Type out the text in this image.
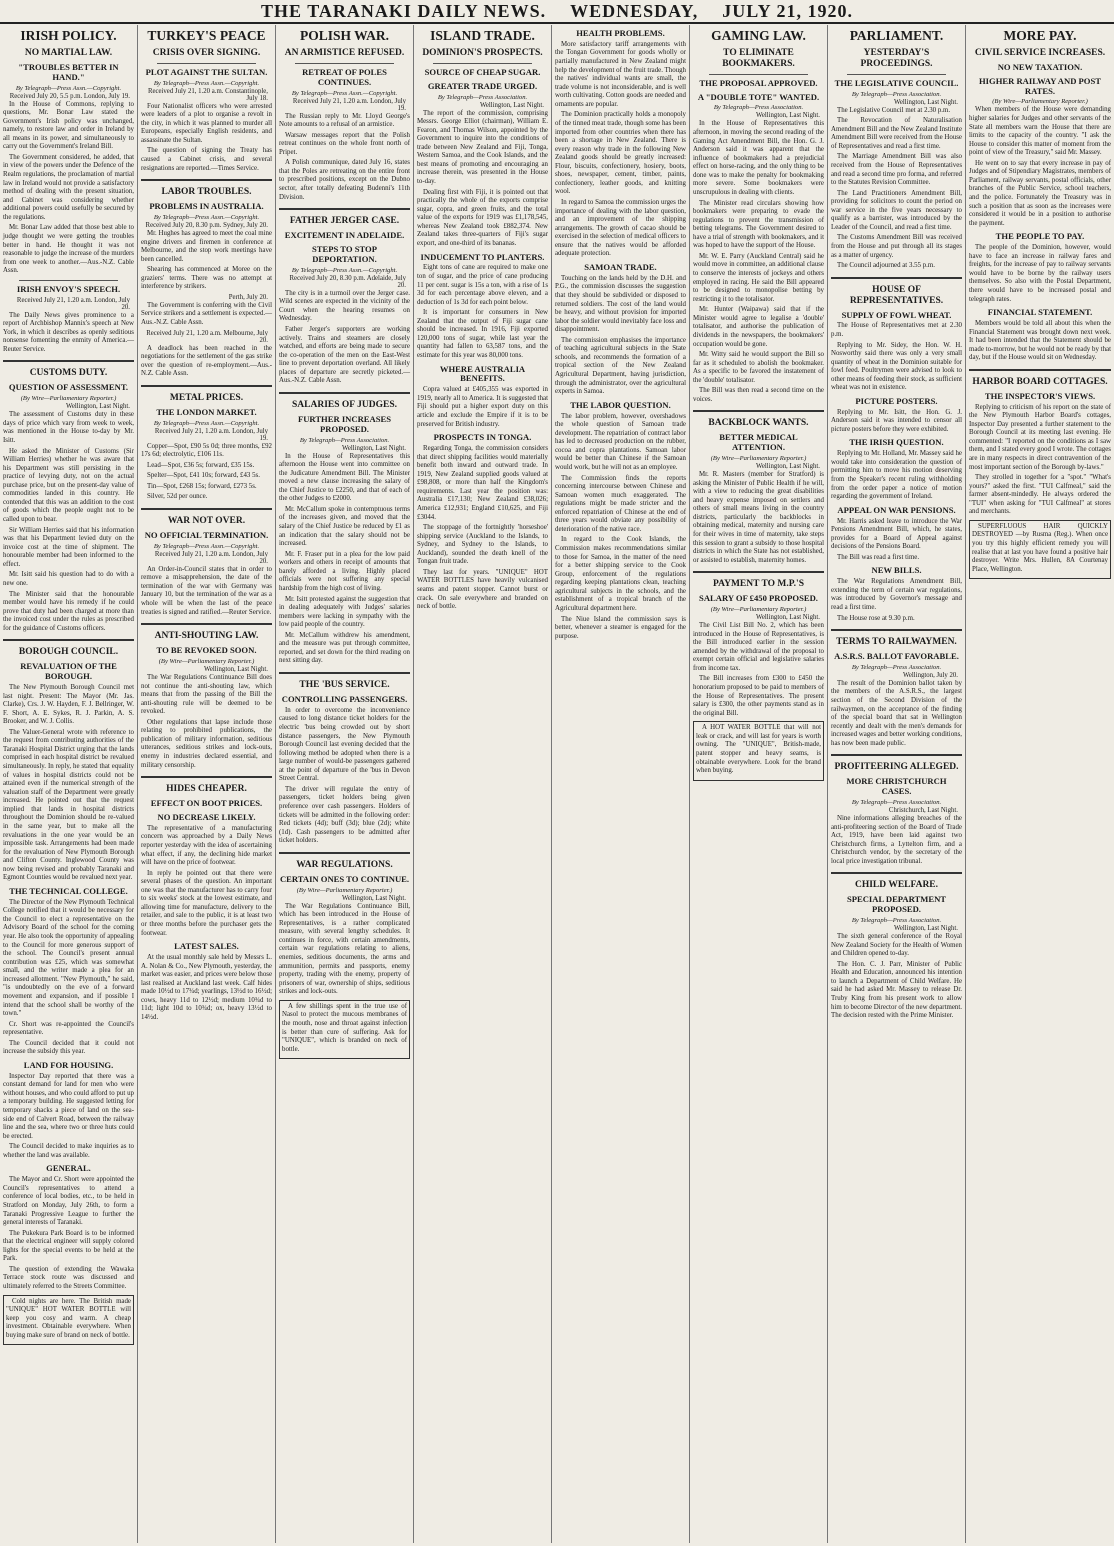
THE TARANAKI DAILY NEWS. WEDNESDAY, JULY 21, 1920.
IRISH POLICY.
NO MARTIAL LAW.
"TROUBLES BETTER IN HAND."
By Telegraph—Press Assn.—Copyright.
Received July 20, 5.5 p.m. London, July 19.

In the House of Commons, replying to questions, Mr. Bonar Law stated the Government's Irish policy was unchanged, namely, to restore law and order in Ireland by all means in its power, and simultaneously to carry out the Government's Ireland Bill.

The Government considered, he added, that in view of the powers under the Defence of the Realm regulations, the proclamation of martial law in Ireland would not provide a satisfactory method of dealing with the present situation, and Cabinet was considering whether additional powers could usefully be secured by the regulations.

Mr. Bonar Law added that those best able to judge thought we were getting the troubles better in hand. He thought it was not reasonable to judge the increase of the murders from one week to another.—Aus.-N.Z. Cable Assn.

IRISH ENVOY'S SPEECH.
Received July 21, 1.20 a.m. London, July 20.

The Daily News gives prominence to a report of Archbishop Mannix's speech at New York, in which it describes as openly seditious nonsense fomenting the enmity of America.—Reuter Service.

CUSTOMS DUTY.
QUESTION OF ASSESSMENT.
(By Wire—Parliamentary Reporter.)
Wellington, Last Night.

The assessment of Customs duty in these days of price which vary from week to week, was mentioned in the House to-day by Mr. Isitt.

He asked the Minister of Customs (Sir William Herries) whether he was aware that his Department was still persisting in the practice of levying duty, not on the actual purchase price, but on the present-day value of commodities landed in this country. He contended that this was an addition to the cost of goods which the people ought not to be called upon to bear.

Sir William Herries said that his information was that his Department levied duty on the invoice cost at the time of shipment. The honourable member had been informed to the effect.

Mr. Isitt said his question had to do with a new one.

The Minister said that the honourable member would have his remedy if he could prove that duty had been charged at more than the invoiced cost under the rules as prescribed for the guidance of Customs officers.

BOROUGH COUNCIL.
REVALUATION OF THE BOROUGH.

The New Plymouth Borough Council met last night. Present: The Mayor (Mr. Jas. Clarke), Crs. J. W. Hayden, F. J. Bellringer, W. F. Short, A. E. Sykes, R. J. Parkin, A. S. Brooker, and W. J. Collis.

The Valuer-General wrote with reference to the request from contributing authorities of the Taranaki Hospital District urging that the lands comprised in each hospital district be revalued simultaneously. In reply, he stated that equality of values in hospital districts could not be attained even if the numerical strength of the valuation staff of the Department were greatly increased. He pointed out that the request implied that lands in hospital districts throughout the Dominion should be re-valued in the same year, but to make all the revaluations in the one year would be an impossible task. Arrangements had been made for the revaluation of New Plymouth Borough and Clifton County. Inglewood County was now being revised and probably Taranaki and Egmont Counties would be revalued next year.

THE TECHNICAL COLLEGE.

The Director of the New Plymouth Technical College notified that it would be necessary for the Council to elect a representative on the Advisory Board of the school for the coming year. He also took the opportunity of appealing to the Council for more generous support of the school. The Council's present annual contribution was £25, which was somewhat small, and the writer made a plea for an increased allotment. "New Plymouth," he said, "is undoubtedly on the eve of a forward movement and expansion, and if possible I intend that the school shall be worthy of the town."

Cr. Short was re-appointed the Council's representative.

The Council decided that it could not increase the subsidy this year.

LAND FOR HOUSING.

Inspector Day reported that there was a constant demand for land for men who were without houses, and who could afford to put up a temporary building. He suggested letting for temporary shacks a piece of land on the sea-side end of Calvert Road, between the railway line and the sea, where two or three huts could be erected.

The Council decided to make inquiries as to whether the land was available.

GENERAL.

The Mayor and Cr. Short were appointed the Council's representatives to attend a conference of local bodies, etc., to be held in Stratford on Monday, July 26th, to form a Taranaki Progressive League to further the general interests of Taranaki.

The Pukekura Park Board is to be informed that the electrical engineer will supply colored lights for the special events to be held at the Park.

The question of extending the Wawaka Terrace stock route was discussed and ultimately referred to the Streets Committee.

Cold nights are here. The British made "UNIQUE" HOT WATER BOTTLE will keep you cosy and warm. A cheap investment. Obtainable everywhere. When buying make sure of brand on neck of bottle.

TURKEY'S PEACE
CRISIS OVER SIGNING.
PLOT AGAINST THE SULTAN.
By Telegraph—Press Assn.—Copyright.
Received July 21, 1.20 a.m. Constantinople, July 18.

Four Nationalist officers who were arrested were leaders of a plot to organise a revolt in the city, in which it was planned to murder all Europeans, especially English residents, and assassinate the Sultan.

The question of signing the Treaty has caused a Cabinet crisis, and several resignations are reported.—Times Service.

LABOR TROUBLES.
PROBLEMS IN AUSTRALIA.
By Telegraph—Press Assn.—Copyright.
Received July 20, 8.30 p.m. Sydney, July 20.

Mr. Hughes has agreed to meet the coal mine engine drivers and firemen in conference at Melbourne, and the stop work meetings have been cancelled.

Shearing has commenced at Moree on the graziers' terms. There was no attempt at interference by strikers.

Perth, July 20.

The Government is conferring with the Civil Service strikers and a settlement is expected.—Aus.-N.Z. Cable Assn.

Received July 21, 1.20 a.m. Melbourne, July 20.

A deadlock has been reached in the negotiations for the settlement of the gas strike over the question of re-employment.—Aus.-N.Z. Cable Assn.

METAL PRICES.
THE LONDON MARKET.
By Telegraph—Press Assn.—Copyright.
Received July 21, 1.20 a.m. London, July 19.

Copper—Spot, £90 5s 0d; three months, £92 17s 6d; electrolytic, £106 11s.

Lead—Spot, £36 5s; forward, £35 15s.

Spelter—Spot, £41 10s; forward, £43 5s.

Tin—Spot, £268 15s; forward, £273 5s.

Silver, 52d per ounce.

WAR NOT OVER.
NO OFFICIAL TERMINATION.
By Telegraph—Press Assn.—Copyright.
Received July 21, 1.20 a.m. London, July 20.

An Order-in-Council states that in order to remove a misapprehension, the date of the termination of the war with Germany was January 10, but the termination of the war as a whole will be when the last of the peace treaties is signed and ratified.—Reuter Service.

ANTI-SHOUTING LAW.
TO BE REVOKED SOON.
(By Wire—Parliamentary Reporter.)
Wellington, Last Night.

The War Regulations Continuance Bill does not continue the anti-shouting law, which means that from the passing of the Bill the anti-shouting rule will be deemed to be revoked.

Other regulations that lapse include those relating to prohibited publications, the publication of military information, seditious utterances, seditious strikes and lock-outs, enemy in industries declared essential, and military censorship.

HIDES CHEAPER.
EFFECT ON BOOT PRICES.
NO DECREASE LIKELY.

The representative of a manufacturing concern was approached by a Daily News reporter yesterday with the idea of ascertaining what effect, if any, the declining hide market will have on the price of footwear.

In reply he pointed out that there were several phases of the question. An important one was that the manufacturer has to carry four to six weeks' stock at the lowest estimate, and allowing time for manufacture, delivery to the retailer, and sale to the public, it is at least two or three months before the purchaser gets the footwear.

LATEST SALES.

At the usual monthly sale held by Messrs L. A. Nolan & Co., New Plymouth, yesterday, the market was easier, and prices were below those last realised at Auckland last week. Calf hides made 10½d to 17¾d; yearlings, 13½d to 16½d; cows, heavy 11d to 12½d; medium 10¾d to 11d; light 10d to 10¾d; ox, heavy 13½d to 14½d.

POLISH WAR.
AN ARMISTICE REFUSED.
RETREAT OF POLES CONTINUES.
By Telegraph—Press Assn.—Copyright.
Received July 21, 1.20 a.m. London, July 19.

The Russian reply to Mr. Lloyd George's Note amounts to a refusal of an armistice.

Warsaw messages report that the Polish retreat continues on the whole front north of Pripet.

A Polish communique, dated July 16, states that the Poles are retreating on the entire front to prescribed positions, except on the Dubno sector, after totally defeating Budenni's 11th Division.

FATHER JERGER CASE.
EXCITEMENT IN ADELAIDE.
STEPS TO STOP DEPORTATION.
By Telegraph—Press Assn.—Copyright.
Received July 20, 8.30 p.m. Adelaide, July 20.

The city is in a turmoil over the Jerger case. Wild scenes are expected in the vicinity of the Court when the hearing resumes on Wednesday.

Father Jerger's supporters are working actively. Trains and steamers are closely watched, and efforts are being made to secure the co-operation of the men on the East-West line to prevent deportation overland. All likely places of departure are secretly picketed.—Aus.-N.Z. Cable Assn.

SALARIES OF JUDGES.
FURTHER INCREASES PROPOSED.
By Telegraph—Press Association.
Wellington, Last Night.

In the House of Representatives this afternoon the House went into committee on the Judicature Amendment Bill. The Minister moved a new clause increasing the salary of the Chief Justice to £2250, and that of each of the other Judges to £2000.

Mr. McCallum spoke in contemptuous terms of the increases given, and moved that the salary of the Chief Justice be reduced by £1 as an indication that the salary should not be increased.

Mr. F. Fraser put in a plea for the low paid workers and others in receipt of amounts that barely afforded a living. Highly placed officials were not suffering any special hardship from the high cost of living.

Mr. Isitt protested against the suggestion that in dealing adequately with Judges' salaries members were lacking in sympathy with the low paid people of the country.

Mr. McCallum withdrew his amendment, and the measure was put through committee, reported, and set down for the third reading on next sitting day.

THE 'BUS SERVICE.
CONTROLLING PASSENGERS.

In order to overcome the inconvenience caused to long distance ticket holders for the electric 'bus being crowded out by short distance passengers, the New Plymouth Borough Council last evening decided that the following method be adopted when there is a large number of would-be passengers gathered at the point of departure of the 'bus in Devon Street Central.

The driver will regulate the entry of passengers, ticket holders being given preference over cash passengers. Holders of tickets will be admitted in the following order: Red tickets (4d); buff (3d); blue (2d); white (1d). Cash passengers to be admitted after ticket holders.

WAR REGULATIONS.
CERTAIN ONES TO CONTINUE.
(By Wire—Parliamentary Reporter.)
Wellington, Last Night.

The War Regulations Continuance Bill, which has been introduced in the House of Representatives, is a rather complicated measure, with several lengthy schedules. It continues in force, with certain amendments, certain war regulations relating to aliens, enemies, seditious documents, the arms and ammunition, permits and passports, enemy property, trading with the enemy, property of prisoners of war, ownership of ships, seditious strikes and lock-outs.

A few shillings spent in the true use of Nasol to protect the mucous membranes of the mouth, nose and throat against infection is better than cure of suffering. Ask for "UNIQUE", which is branded on neck of bottle.

ISLAND TRADE.
DOMINION'S PROSPECTS.
SOURCE OF CHEAP SUGAR.
GREATER TRADE URGED.
By Telegraph—Press Association.
Wellington, Last Night.

The report of the commission, comprising Messrs. George Elliot (chairman), William E. Fearon, and Thomas Wilson, appointed by the Government to inquire into the conditions of trade between New Zealand and Fiji, Tonga, Western Samoa, and the Cook Islands, and the best means of promoting and encouraging an increase therein, was presented in the House to-day.

Dealing first with Fiji, it is pointed out that practically the whole of the exports comprise sugar, copra, and green fruits, and the total value of the exports for 1919 was £1,178,545, whereas New Zealand took £882,374. New Zealand takes three-quarters of Fiji's sugar export, and one-third of its bananas.

INDUCEMENT TO PLANTERS.

Eight tons of cane are required to make one ton of sugar, and the price of cane producing 11 per cent. sugar is 15s a ton, with a rise of 1s 3d for each percentage above eleven, and a deduction of 1s 3d for each point below.

It is important for consumers in New Zealand that the output of Fiji sugar cane should be increased. In 1916, Fiji exported 120,000 tons of sugar, while last year the quantity had fallen to 63,587 tons, and the estimate for this year was 80,000 tons.

WHERE AUSTRALIA BENEFITS.

Copra valued at £405,355 was exported in 1919, nearly all to America. It is suggested that Fiji should put a higher export duty on this article and exclude the Empire if it is to be preserved for British industry.

PROSPECTS IN TONGA.

Regarding Tonga, the commission considers that direct shipping facilities would materially benefit both inward and outward trade. In 1919, New Zealand supplied goods valued at £98,808, or more than half the Kingdom's requirements. Last year the position was: Australia £17,130; New Zealand £38,026; America £12,931; England £10,625, and Fiji £3044.

The stoppage of the fortnightly 'horseshoe' shipping service (Auckland to the Islands, to Sydney, and Sydney to the Islands, to Auckland), sounded the death knell of the Tongan fruit trade.

They last for years. "UNIQUE" HOT WATER BOTTLES have heavily vulcanised seams and patent stopper. Cannot burst or crack. On sale everywhere and branded on neck of bottle.

HEALTH PROBLEMS.

More satisfactory tariff arrangements with the Tongan Government for goods wholly or partially manufactured in New Zealand might help the development of the fruit trade. Though the natives' individual wants are small, the trade volume is not inconsiderable, and is well worth cultivating. Cotton goods are needed and ornaments are popular.

The Dominion practically holds a monopoly of the tinned meat trade, though some has been imported from other countries when there has been a shortage in New Zealand. There is every reason why trade in the following New Zealand goods should be greatly increased: Flour, biscuits, confectionery, hosiery, boots, shoes, newspaper, cement, timber, paints, confectionery, leather goods, and knitting wool.

In regard to Samoa the commission urges the importance of dealing with the labor question, and an improvement of the shipping arrangements. The growth of cacao should be exercised in the selection of medical officers to ensure that the natives would be afforded adequate protection.

SAMOAN TRADE.

Touching on the lands held by the D.H. and P.G., the commission discusses the suggestion that they should be subdivided or disposed to returned soldiers. The cost of the land would be heavy, and without provision for imported labor the soldier would inevitably face loss and disappointment.

The commission emphasises the importance of teaching agricultural subjects in the State schools, and recommends the formation of a tropical section of the New Zealand Agricultural Department, having jurisdiction, through the administrator, over the agricultural experts in Samoa.

THE LABOR QUESTION.

The labor problem, however, overshadows the whole question of Samoan trade development. The repatriation of contract labor has led to decreased production on the rubber, cocoa and copra plantations. Samoan labor would be better than Chinese if the Samoan would work, but he will not as an employee.

The Commission finds the reports concerning intercourse between Chinese and Samoan women much exaggerated. The regulations might be made stricter and the enforced repatriation of Chinese at the end of three years would obviate any possibility of deterioration of the native race.

In regard to the Cook Islands, the Commission makes recommendations similar to those for Samoa, in the matter of the need for a better shipping service to the Cook Group, enforcement of the regulations regarding keeping plantations clean, teaching agricultural subjects in the schools, and the establishment of a tropical branch of the Agricultural department here.

The Niue Island the commission says is better, whenever a steamer is engaged for the purpose.

GAMING LAW.
TO ELIMINATE BOOKMAKERS.
THE PROPOSAL APPROVED.
A "DOUBLE TOTE" WANTED.
By Telegraph—Press Association.
Wellington, Last Night.

In the House of Representatives this afternoon, in moving the second reading of the Gaming Act Amendment Bill, the Hon. G. J. Anderson said it was apparent that the influence of bookmakers had a prejudicial effect on horse-racing, and the only thing to be done was to make the penalty for bookmaking more severe. Some bookmakers were unscrupulous in dealing with clients.

The Minister read circulars showing how bookmakers were preparing to evade the regulations to prevent the transmission of betting telegrams. The Government desired to have a trial of strength with bookmakers, and it was hoped to have the support of the House.

Mr. W. E. Parry (Auckland Central) said he would move in committee, an additional clause to conserve the interests of jockeys and others employed in racing. He said the Bill appeared to be designed to monopolise betting by restricting it to the totalisator.

Mr. Hunter (Waipawa) said that if the Minister would agree to legalise a 'double' totalisator, and authorise the publication of dividends in the newspapers, the bookmakers' occupation would be gone.

Mr. Witty said he would support the Bill so far as it scheduled to abolish the bookmaker. As a specific to be favored the instatement of the 'double' totalisator.

The Bill was then read a second time on the voices.

BACKBLOCK WANTS.
BETTER MEDICAL ATTENTION.
(By Wire—Parliamentary Reporter.)
Wellington, Last Night.

Mr. R. Masters (member for Stratford) is asking the Minister of Public Health if he will, with a view to reducing the great disabilities and heavy expense imposed on settlers and others of small means living in the country districts, particularly the backblocks in obtaining medical, maternity and nursing care for their wives in time of maternity, take steps this session to grant a subsidy to those hospital districts in which the State has not established, or assisted to establish, maternity homes.

PAYMENT TO M.P.'S
SALARY OF £450 PROPOSED.
(By Wire—Parliamentary Reporter.)
Wellington, Last Night.

The Civil List Bill No. 2, which has been introduced in the House of Representatives, is the Bill introduced earlier in the session amended by the withdrawal of the proposal to exempt certain official and legislative salaries from income tax.

The Bill increases from £300 to £450 the honorarium proposed to be paid to members of the House of Representatives. The present salary is £300, the other payments stand as in the original Bill.

A HOT WATER BOTTLE that will not leak or crack, and will last for years is worth owning. The "UNIQUE", British-made, patent stopper and heavy seams, is obtainable everywhere. Look for the brand when buying.

PARLIAMENT.
YESTERDAY'S PROCEEDINGS.
THE LEGISLATIVE COUNCIL.
By Telegraph—Press Association.
Wellington, Last Night.

The Legislative Council met at 2.30 p.m.

The Revocation of Naturalisation Amendment Bill and the New Zealand Institute Amendment Bill were received from the House of Representatives and read a first time.

The Marriage Amendment Bill was also received from the House of Representatives and read a second time pro forma, and referred to the Statutes Revision Committee.

The Land Practitioners Amendment Bill, providing for solicitors to count the period on war service in the five years necessary to qualify as a barrister, was introduced by the Leader of the Council, and read a first time.

The Customs Amendment Bill was received from the House and put through all its stages as a matter of urgency.

The Council adjourned at 3.55 p.m.

HOUSE OF REPRESENTATIVES.
SUPPLY OF FOWL WHEAT.

The House of Representatives met at 2.30 p.m.

Replying to Mr. Sidey, the Hon. W. H. Nosworthy said there was only a very small quantity of wheat in the Dominion suitable for fowl feed. Poultrymen were advised to look to other means of feeding their stock, as sufficient wheat was not in existence.

PICTURE POSTERS.

Replying to Mr. Isitt, the Hon. G. J. Anderson said it was intended to censor all picture posters before they were exhibited.

THE IRISH QUESTION.

Replying to Mr. Holland, Mr. Massey said he would take into consideration the question of permitting him to move his motion deserving from the Speaker's recent ruling withholding from the order paper a notice of motion regarding the government of Ireland.

APPEAL ON WAR PENSIONS.

Mr. Harris asked leave to introduce the War Pensions Amendment Bill, which, he states, provides for a Board of Appeal against decisions of the Pensions Board.

The Bill was read a first time.

NEW BILLS.

The War Regulations Amendment Bill, extending the term of certain war regulations, was introduced by Governor's message and read a first time.

The House rose at 9.30 p.m.

TERMS TO RAILWAYMEN.
A.S.R.S. BALLOT FAVORABLE.
By Telegraph—Press Association.
Wellington, July 20.

The result of the Dominion ballot taken by the members of the A.S.R.S., the largest section of the Second Division of the railwaymen, on the acceptance of the finding of the special board that sat in Wellington recently and dealt with the men's demands for increased wages and better working conditions, has now been made public.

PROFITEERING ALLEGED.
MORE CHRISTCHURCH CASES.
By Telegraph—Press Association.
Christchurch, Last Night.

Nine informations alleging breaches of the anti-profiteering section of the Board of Trade Act, 1919, have been laid against two Christchurch firms, a Lyttelton firm, and a Christchurch vendor, by the secretary of the local price investigation tribunal.

CHILD WELFARE.
SPECIAL DEPARTMENT PROPOSED.
By Telegraph—Press Association.
Wellington, Last Night.

The sixth general conference of the Royal New Zealand Society for the Health of Women and Children opened to-day.

The Hon. C. J. Parr, Minister of Public Health and Education, announced his intention to launch a Department of Child Welfare. He said he had asked Mr. Massey to release Dr. Truby King from his present work to allow him to become Director of the new department. The decision rested with the Prime Minister.

MORE PAY.
CIVIL SERVICE INCREASES.
NO NEW TAXATION.
HIGHER RAILWAY AND POST RATES.
(By Wire—Parliamentary Reporter.)

When members of the House were demanding higher salaries for Judges and other servants of the State all members warn the House that there are limits to the capacity of the country. "I ask the House to consider this matter of moment from the point of view of the Treasury," said Mr. Massey.

He went on to say that every increase in pay of Judges and of Stipendiary Magistrates, members of Parliament, railway servants, postal officials, other branches of the Public Service, school teachers, and the police. Fortunately the Treasury was in such a position that as soon as the increases were considered it would be in a position to authorise the payment.

THE PEOPLE TO PAY.

The people of the Dominion, however, would have to face an increase in railway fares and freights, for the increase of pay to railway servants would have to be borne by the railway users themselves. So also with the Postal Department, there would have to be increased postal and telegraph rates.

FINANCIAL STATEMENT.

Members would be told all about this when the Financial Statement was brought down next week. It had been intended that the Statement should be made to-morrow, but he would not be ready by that day, but if the House would sit on Wednesday.

HARBOR BOARD COTTAGES.
THE INSPECTOR'S VIEWS.

Replying to criticism of his report on the state of the New Plymouth Harbor Board's cottages, Inspector Day presented a further statement to the Borough Council at its meeting last evening. He commented: "I reported on the conditions as I saw them, and I stated every good I wrote. The cottages are in many respects in direct contravention of the most important section of the Borough by-laws."

They strolled in together for a "spot." "What's yours?" asked the first. "TUI Calfmeal," said the farmer absent-mindedly. He always ordered the "TUI" when asking for "TUI Calfmeal" at stores and merchants.

SUPERFLUOUS HAIR QUICKLY DESTROYED —by Rusma (Reg.). When once you try this highly efficient remedy you will realise that at last you have found a positive hair destroyer. Write Mrs. Hullen, 8A Courtenay Place, Wellington.
